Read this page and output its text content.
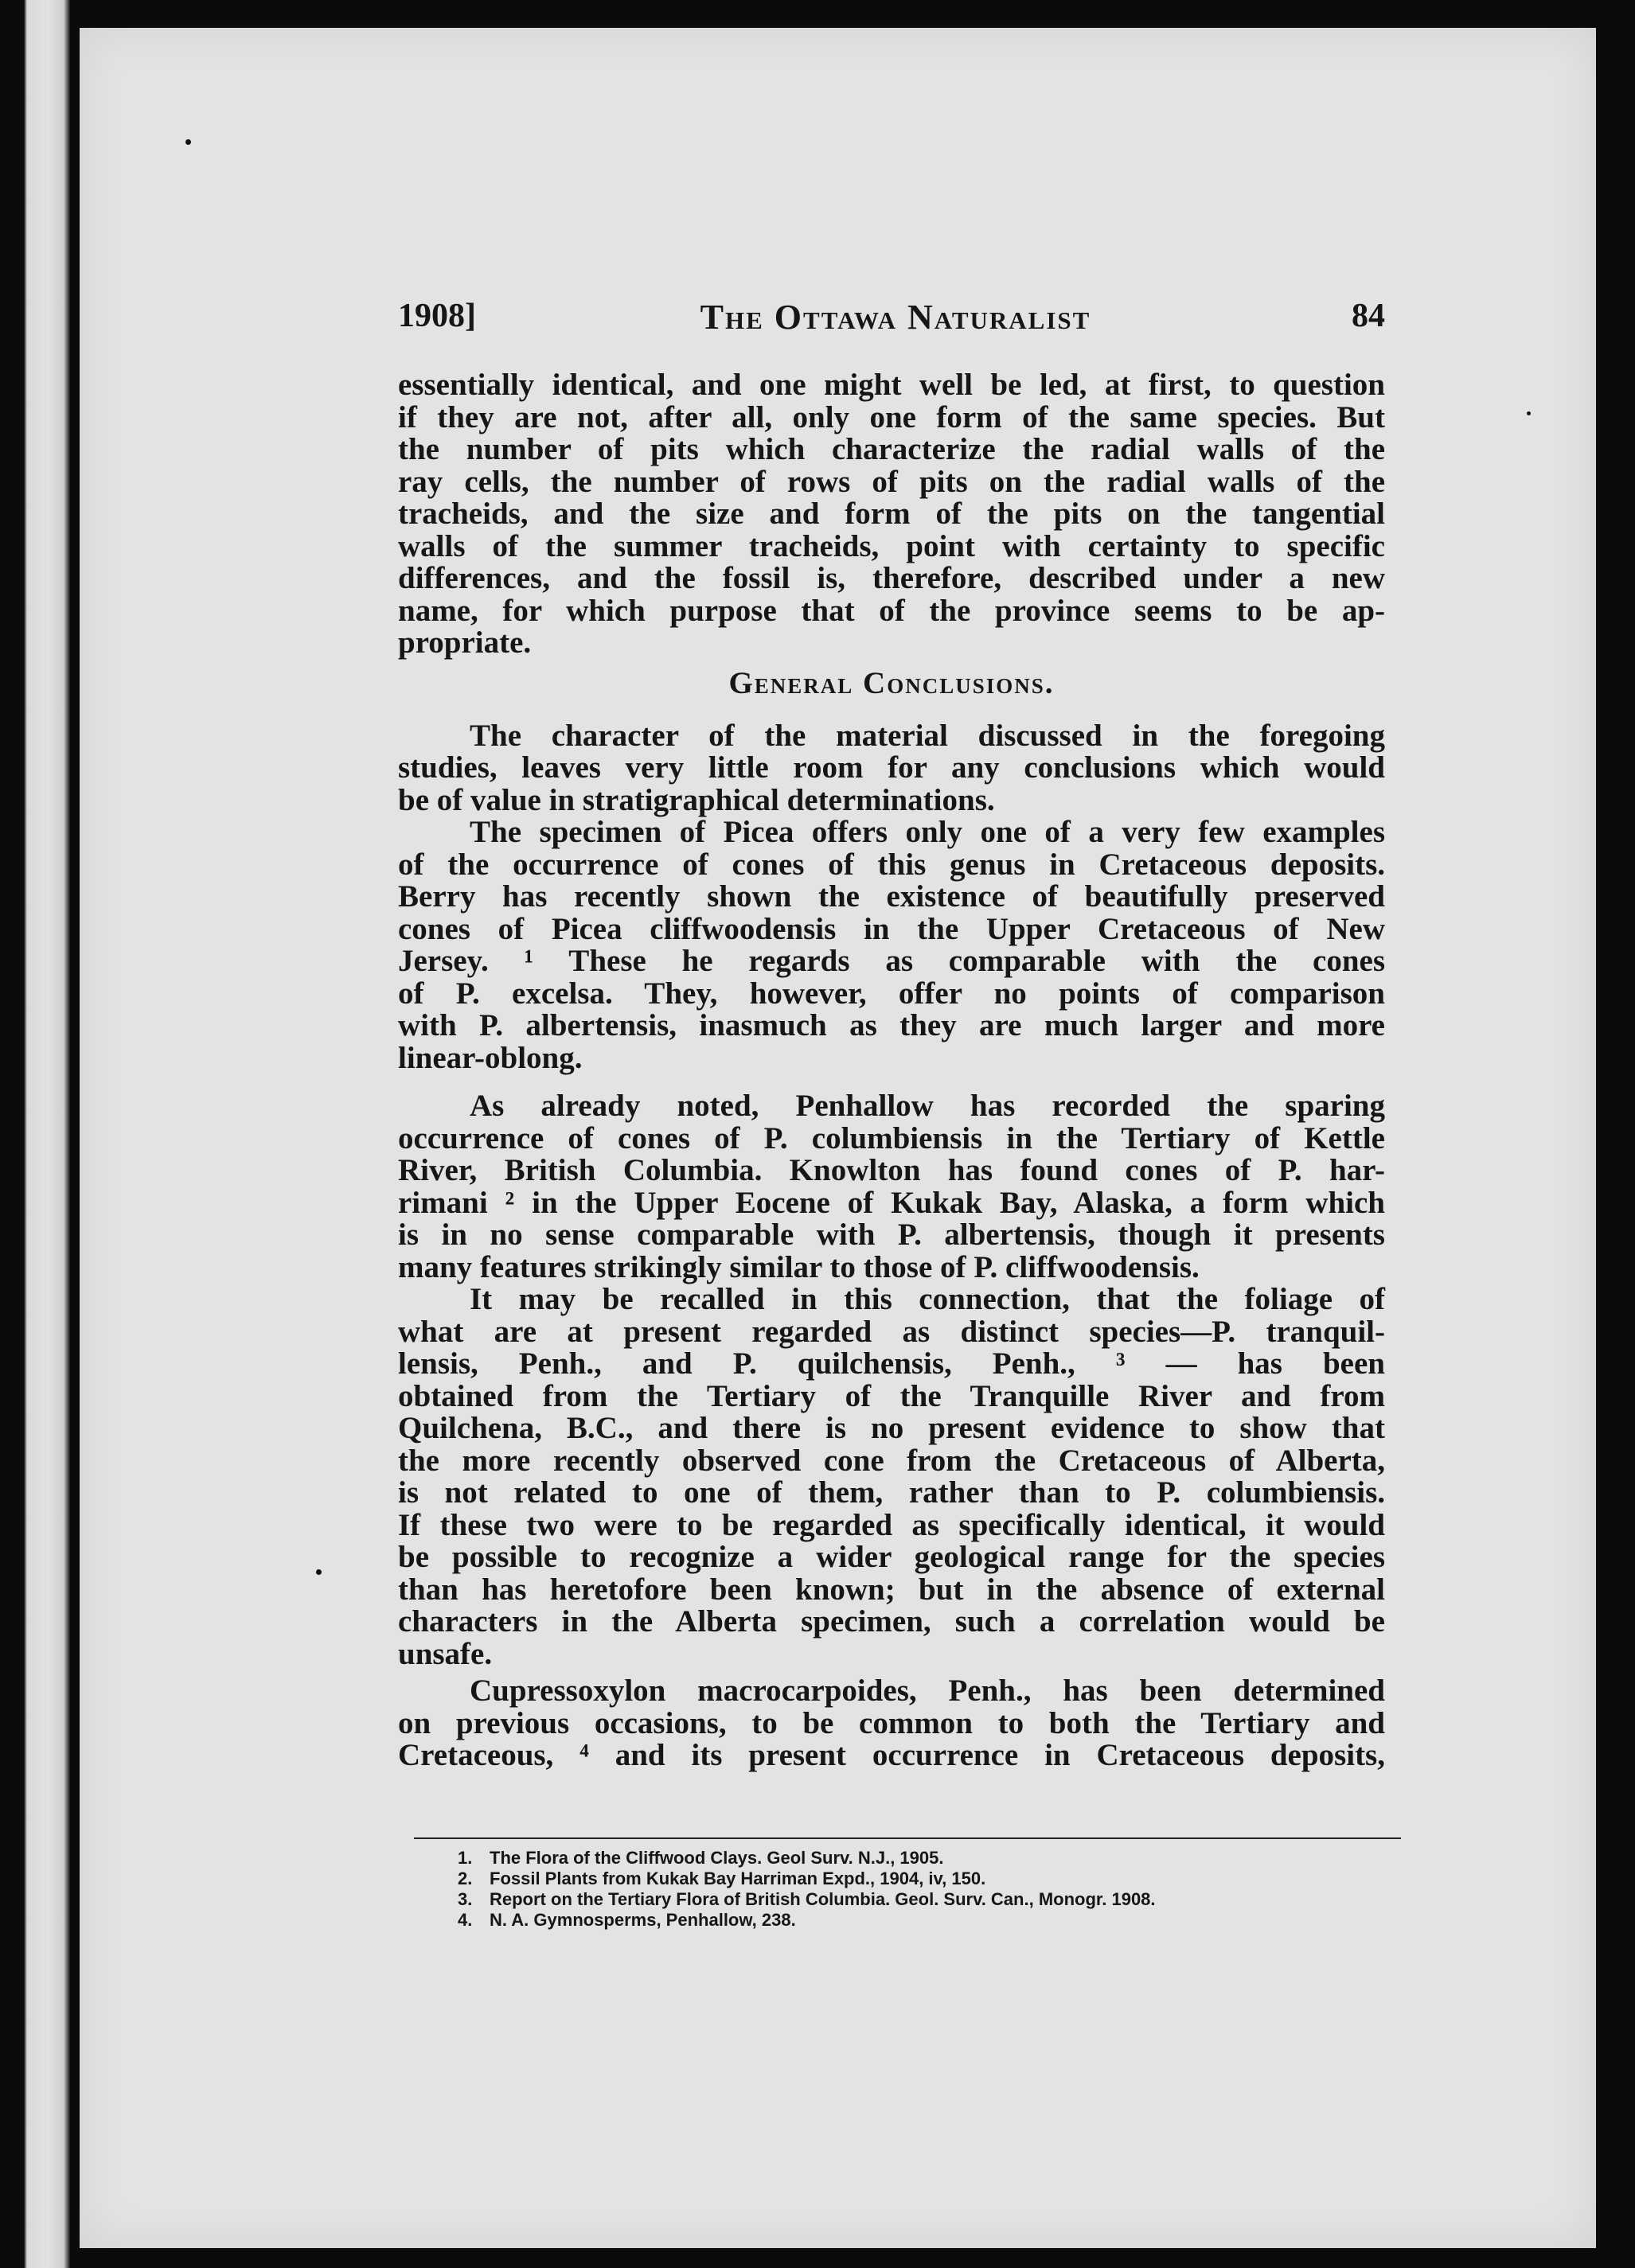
1908]	The Ottawa Naturalist	84
essentially identical, and one might well be led, at first, to question
if they are not, after all, only one form of the same species. But
the number of pits which characterize the radial walls of the
ray cells, the number of rows of pits on the radial walls of the
tracheids, and the size and form of the pits on the tangential
walls of the summer tracheids, point with certainty to specific
differences, and the fossil is, therefore, described under a new
name, for which purpose that of the province seems to be ap-
propriate.
General Conclusions.
The character of the material discussed in the foregoing
studies, leaves very little room for any conclusions which would
be of value in stratigraphical determinations.
The specimen of Picea offers only one of a very few examples
of the occurrence of cones of this genus in Cretaceous deposits.
Berry has recently shown the existence of beautifully preserved
cones of Picea cliffwoodensis in the Upper Cretaceous of New
Jersey. ¹ These he regards as comparable with the cones
of P. excelsa. They, however, offer no points of comparison
with P. albertensis, inasmuch as they are much larger and more
linear-oblong.
As already noted, Penhallow has recorded the sparing
occurrence of cones of P. columbiensis in the Tertiary of Kettle
River, British Columbia. Knowlton has found cones of P. har-
rimani ² in the Upper Eocene of Kukak Bay, Alaska, a form which
is in no sense comparable with P. albertensis, though it presents
many features strikingly similar to those of P. cliffwoodensis.
It may be recalled in this connection, that the foliage of
what are at present regarded as distinct species—P. tranquil-
lensis, Penh., and P. quilchensis, Penh., ³ — has been
obtained from the Tertiary of the Tranquille River and from
Quilchena, B.C., and there is no present evidence to show that
the more recently observed cone from the Cretaceous of Alberta,
is not related to one of them, rather than to P. columbiensis.
If these two were to be regarded as specifically identical, it would
be possible to recognize a wider geological range for the species
than has heretofore been known; but in the absence of external
characters in the Alberta specimen, such a correlation would be
unsafe.
Cupressoxylon macrocarpoides, Penh., has been determined
on previous occasions, to be common to both the Tertiary and
Cretaceous, ⁴ and its present occurrence in Cretaceous deposits,
1. The Flora of the Cliffwood Clays. Geol Surv. N.J., 1905.
2. Fossil Plants from Kukak Bay Harriman Expd., 1904, iv, 150.
3. Report on the Tertiary Flora of British Columbia. Geol. Surv. Can., Monogr. 1908.
4. N. A. Gymnosperms, Penhallow, 238.
